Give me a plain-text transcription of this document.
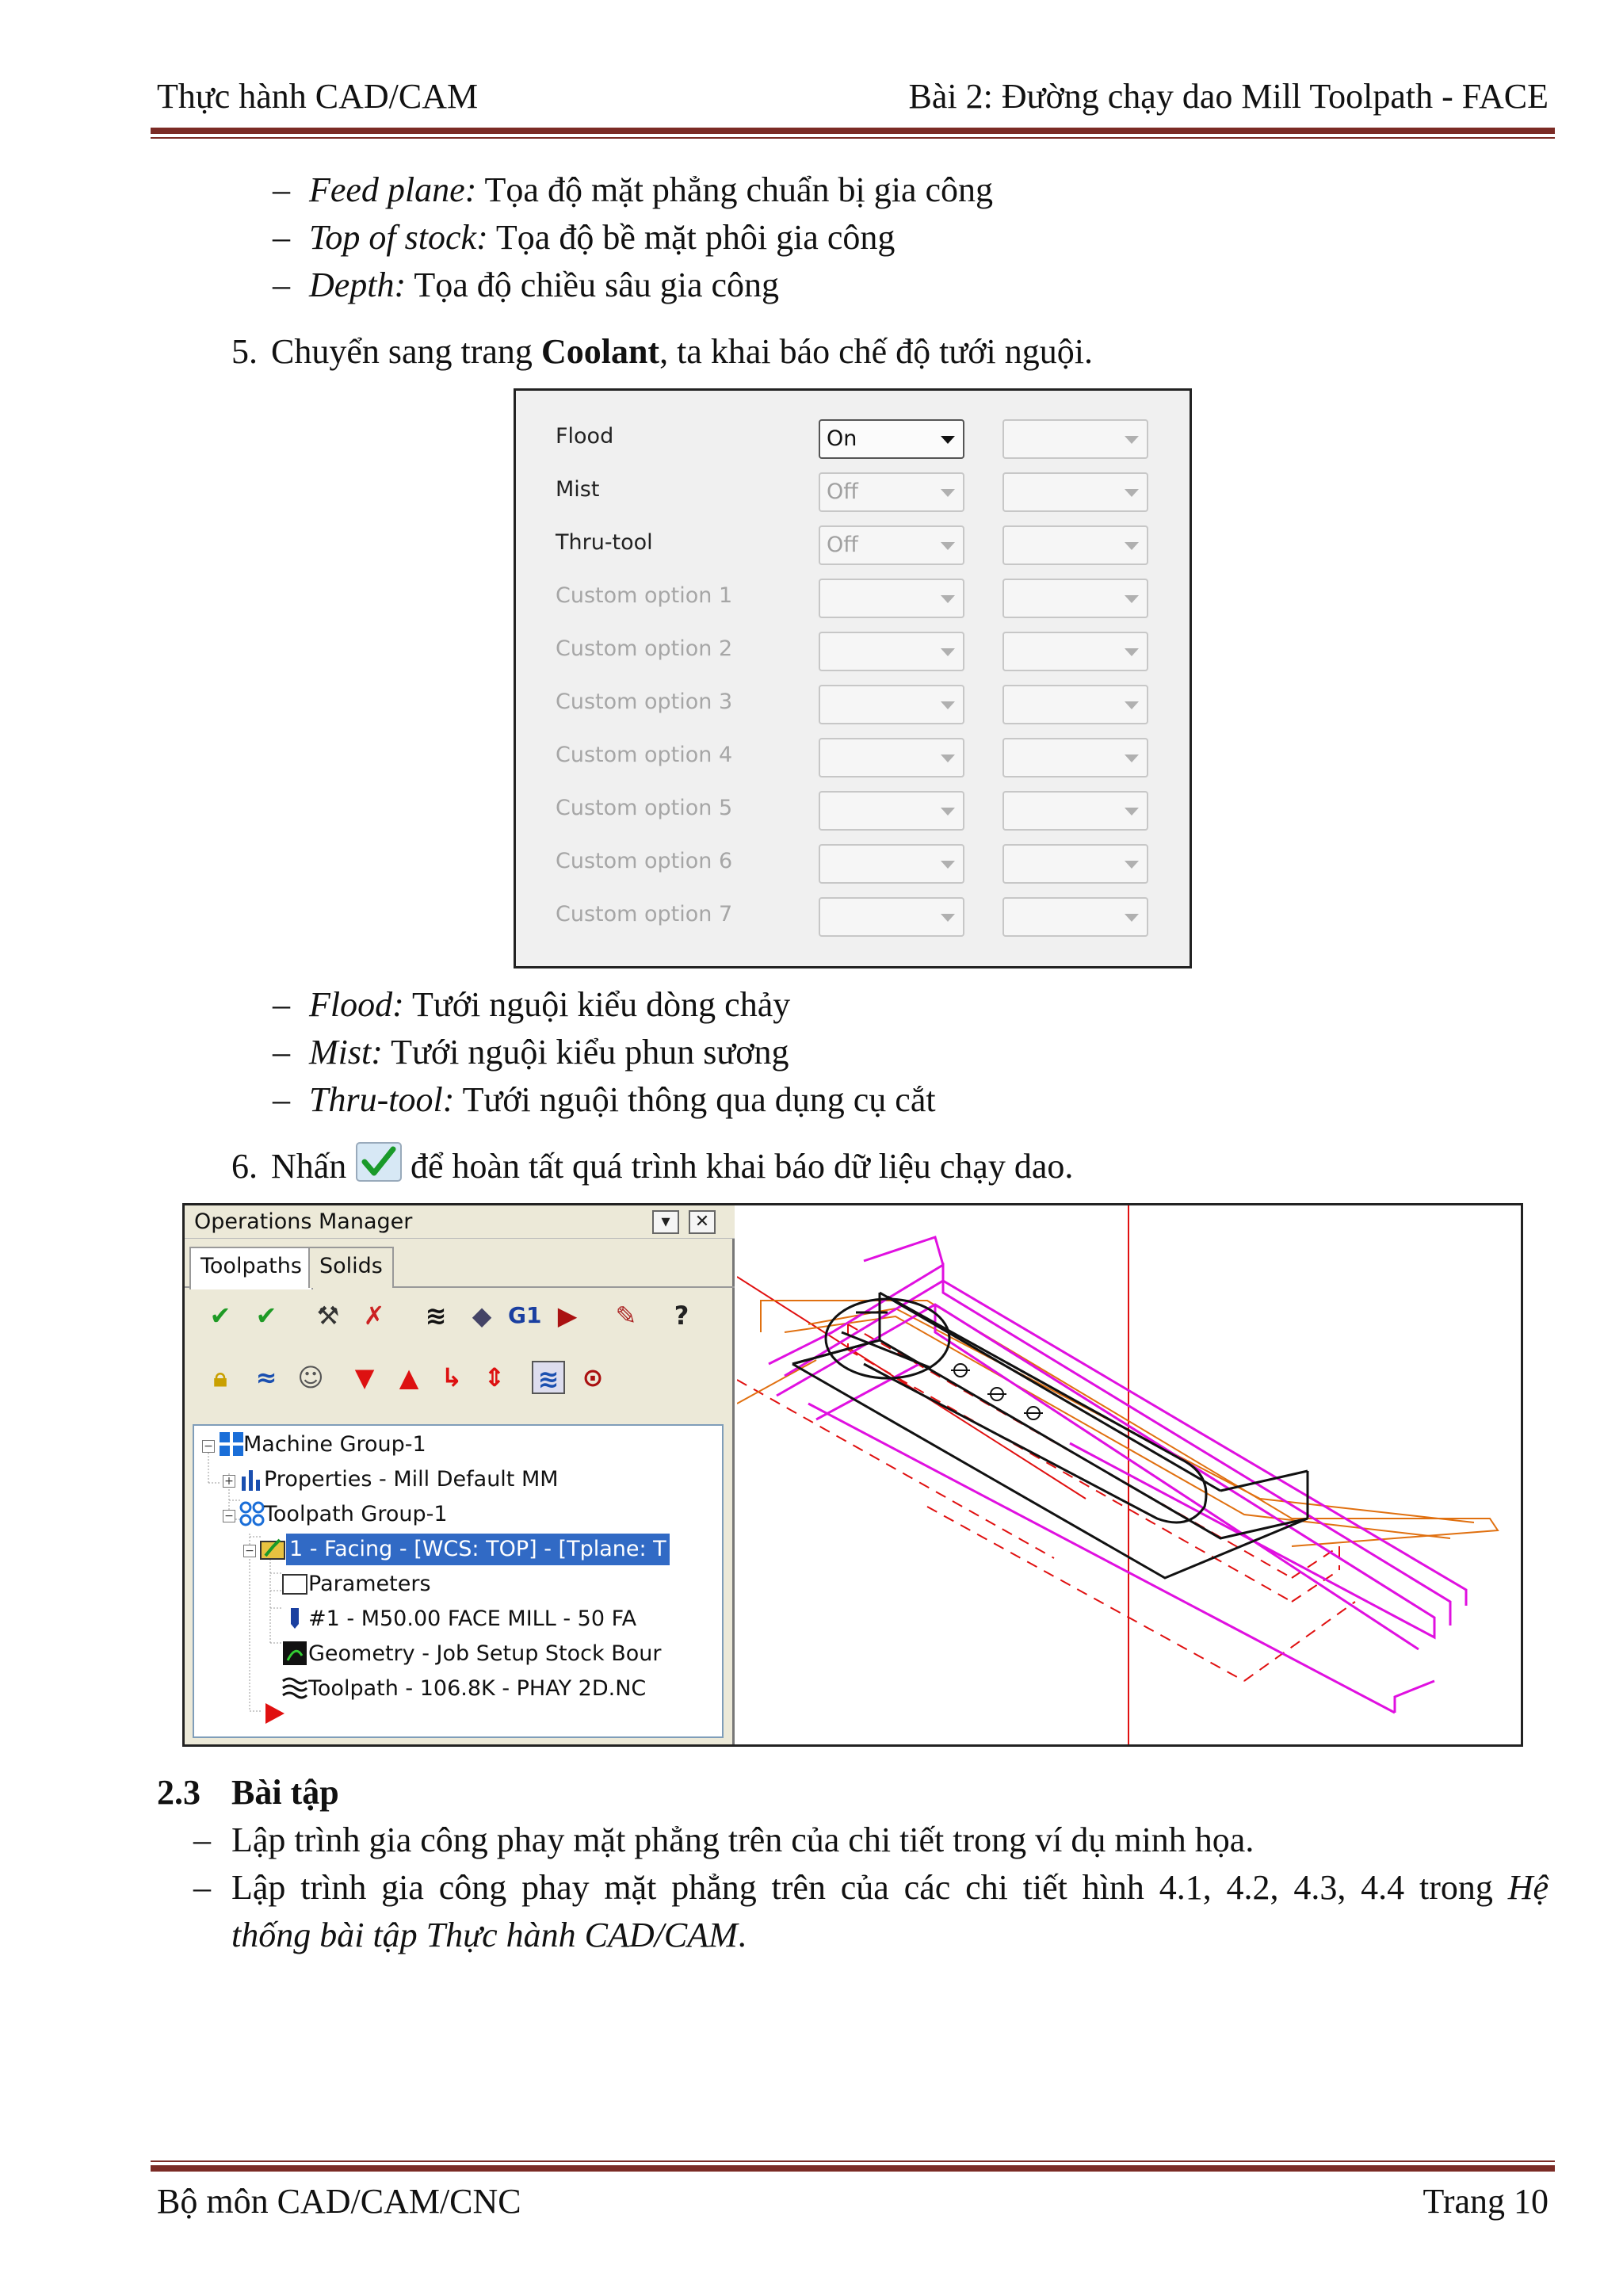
Thực hành CAD/CAM	Bài 2: Đường chạy dao Mill Toolpath - FACE
– Feed plane: Tọa độ mặt phẳng chuẩn bị gia công
– Top of stock: Tọa độ bề mặt phôi gia công
– Depth: Tọa độ chiều sâu gia công
5. Chuyển sang trang Coolant, ta khai báo chế độ tưới nguội.
Flood	On
Mist	Off
Thru-tool	Off
Custom option 1
Custom option 2
Custom option 3
Custom option 4
Custom option 5
Custom option 6
Custom option 7
– Flood: Tưới nguội kiểu dòng chảy
– Mist: Tưới nguội kiểu phun sương
– Thru-tool: Tưới nguội thông qua dụng cụ cắt
6. Nhấn để hoàn tất quá trình khai báo dữ liệu chạy dao.
Operations Manager	▾	✕
Toolpaths Solids
✔ ✔ ⚒ ✗ ≋ ◆ G1 ▶ ✎	?
🔒︎	≈ ☺ ▼ ▲ ↳ ⇕ ≋ ⊙
− Machine Group-1
+ Properties - Mill Default MM
− Toolpath Group-1
− 1 - Facing - [WCS: TOP] - [Tplane: T
Parameters
#1 - M50.00 FACE MILL - 50 FA
Geometry - Job Setup Stock Bour
Toolpath - 106.8K - PHAY 2D.NC
2.3 Bài tập
– Lập trình gia công phay mặt phẳng trên của chi tiết trong ví dụ minh họa.
– Lập trình gia công phay mặt phẳng trên của các chi tiết hình 4.1, 4.2, 4.3, 4.4 trong Hệ
thống bài tập Thực hành CAD/CAM.
Bộ môn CAD/CAM/CNC	Trang 10
